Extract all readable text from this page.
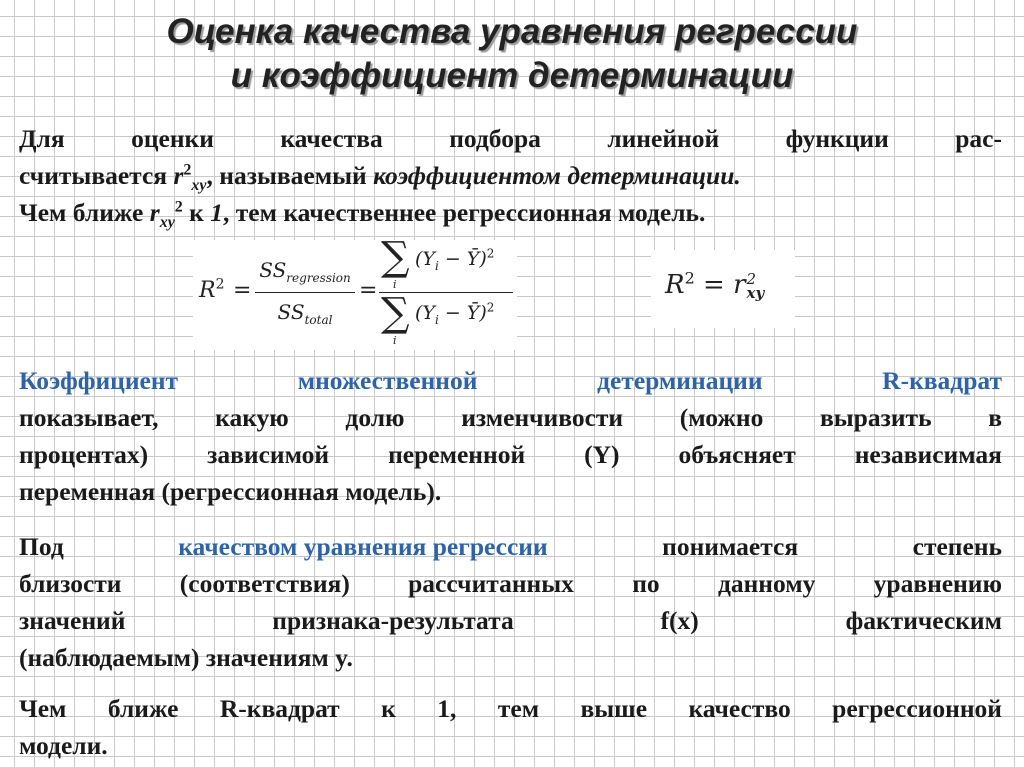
Оценка качества уравнения регрессии
и коэффициент детерминации
Для	оценки	качества	подбора	линейной	функции	рас-
считывается $r^2_{xy}$, называемый коэффициентом детерминации.
Чем ближе $r_{xy}^2$ к 1, тем качественнее регрессионная модель.
$R^2$ =
$SS_{regression}$
$SS_{total}$
=
∑
i
($Y_i$ − Ȳ)$^2$
∑
i
($Y_i$ − Ȳ)$^2$
$R^2 = r$ 2
xy
Коэффициент	множественной	детерминации	R-квадрат
показывает, какую долю изменчивости (можно выразить в
процентах) зависимой переменной (Y) объясняет независимая
переменная (регрессионная модель).
Под	качеством уравнения регрессии	понимается	степень
близости (соответствия) рассчитанных по данному уравнению
значений	признака-результата	f(x)	фактическим
(наблюдаемым) значениям y.
Чем ближе R-квадрат к 1, тем выше качество регрессионной
модели.
